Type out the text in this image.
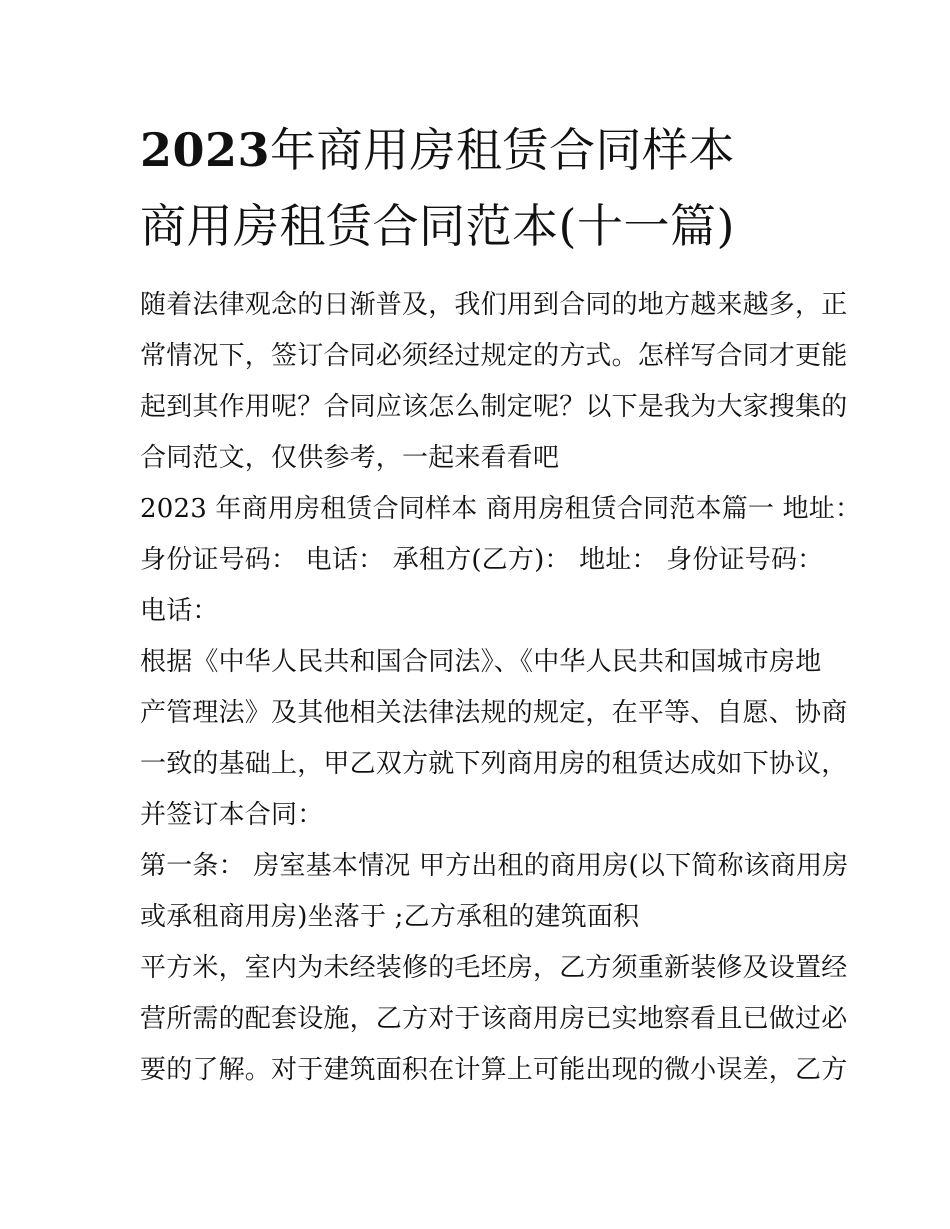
2023年商用房租赁合同样本
商用房租赁合同范本(十一篇)

随着法律观念的日渐普及，我们用到合同的地方越来越多，正
常情况下，签订合同必须经过规定的方式。怎样写合同才更能
起到其作用呢？合同应该怎么制定呢？以下是我为大家搜集的
合同范文，仅供参考，一起来看看吧

2023 年商用房租赁合同样本 商用房租赁合同范本篇一 地址：
身份证号码： 电话： 承租方(乙方)： 地址： 身份证号码：
电话：

根据《中华人民共和国合同法》、《中华人民共和国城市房地
产管理法》及其他相关法律法规的规定，在平等、自愿、协商
一致的基础上，甲乙双方就下列商用房的租赁达成如下协议，
并签订本合同：

第一条： 房室基本情况 甲方出租的商用房(以下简称该商用房
或承租商用房)坐落于 ;乙方承租的建筑面积

平方米，室内为未经装修的毛坯房，乙方须重新装修及设置经
营所需的配套设施，乙方对于该商用房已实地察看且已做过必
要的了解。对于建筑面积在计算上可能出现的微小误差，乙方
